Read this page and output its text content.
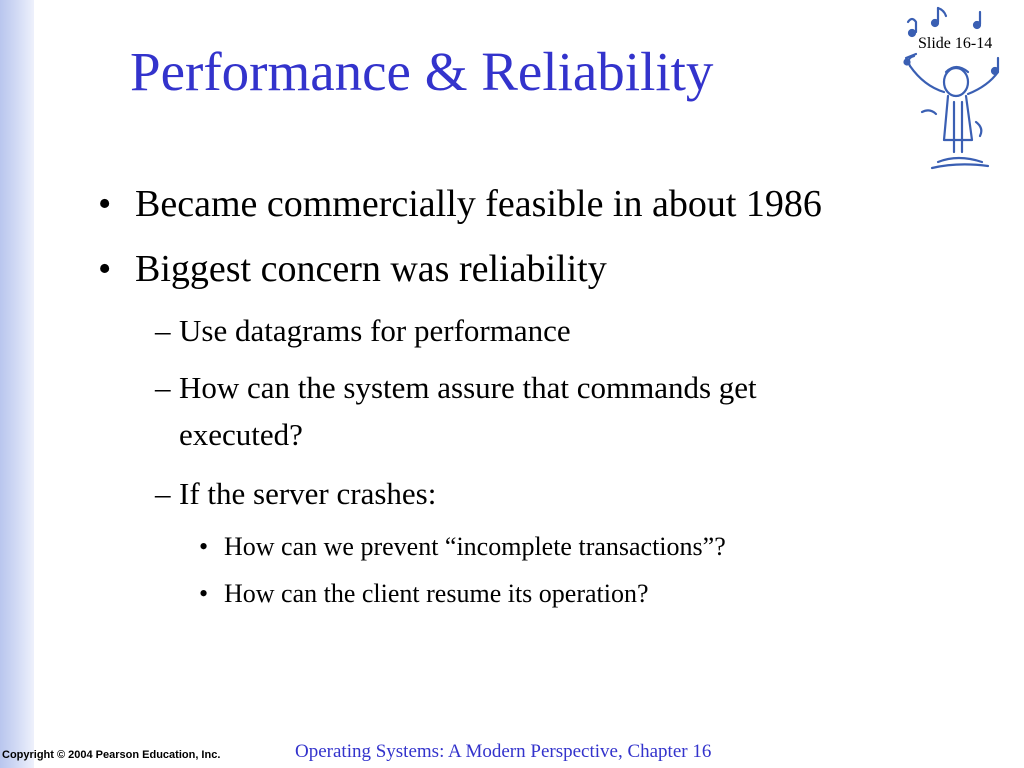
Slide 16-14
Performance & Reliability
• Became commercially feasible in about 1986
• Biggest concern was reliability
– Use datagrams for performance
– How can the system assure that commands get
executed?
– If the server crashes:
• How can we prevent “incomplete transactions”?
• How can the client resume its operation?
Copyright © 2004 Pearson Education, Inc.	Operating Systems: A Modern Perspective, Chapter 16
